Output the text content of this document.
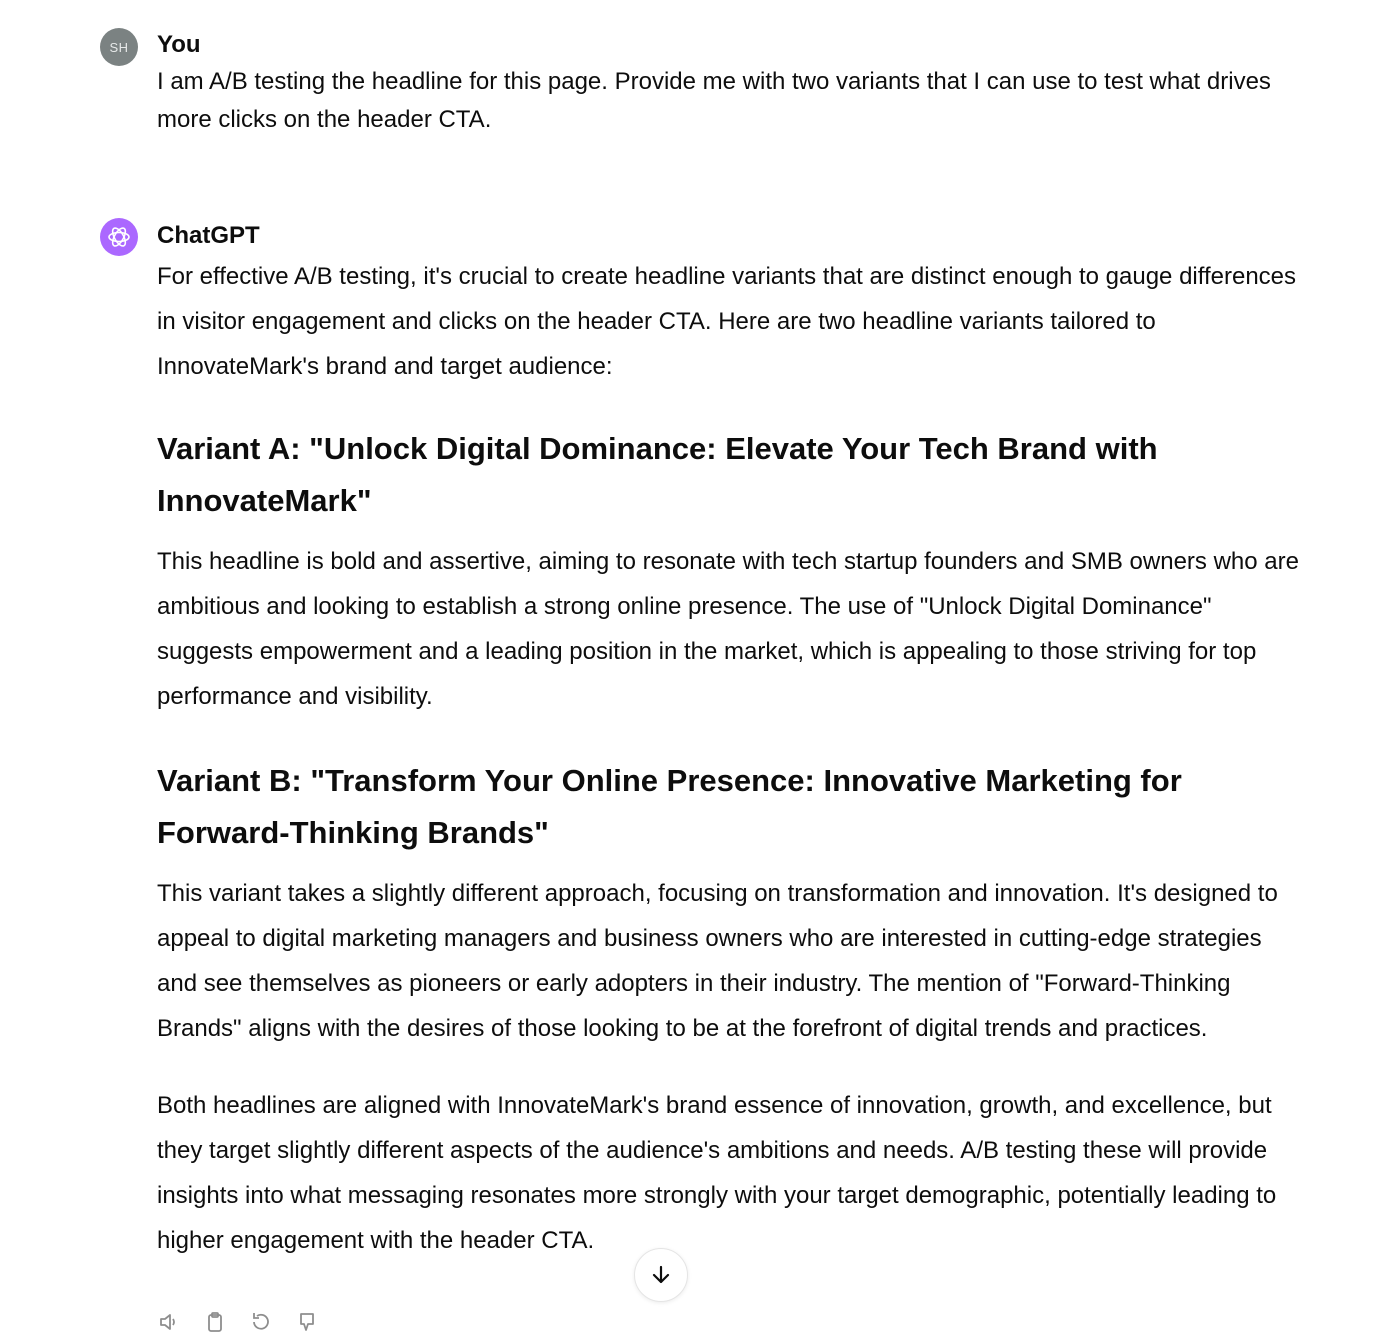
SH You

I am A/B testing the headline for this page. Provide me with two variants that I can use to test what drives more clicks on the header CTA.

ChatGPT

For effective A/B testing, it's crucial to create headline variants that are distinct enough to gauge differences in visitor engagement and clicks on the header CTA. Here are two headline variants tailored to InnovateMark's brand and target audience:

Variant A: "Unlock Digital Dominance: Elevate Your Tech Brand with InnovateMark"

This headline is bold and assertive, aiming to resonate with tech startup founders and SMB owners who are ambitious and looking to establish a strong online presence. The use of "Unlock Digital Dominance" suggests empowerment and a leading position in the market, which is appealing to those striving for top performance and visibility.

Variant B: "Transform Your Online Presence: Innovative Marketing for Forward-Thinking Brands"

This variant takes a slightly different approach, focusing on transformation and innovation. It's designed to appeal to digital marketing managers and business owners who are interested in cutting-edge strategies and see themselves as pioneers or early adopters in their industry. The mention of "Forward-Thinking Brands" aligns with the desires of those looking to be at the forefront of digital trends and practices.

Both headlines are aligned with InnovateMark's brand essence of innovation, growth, and excellence, but they target slightly different aspects of the audience's ambitions and needs. A/B testing these will provide insights into what messaging resonates more strongly with your target demographic, potentially leading to higher engagement with the header CTA.
